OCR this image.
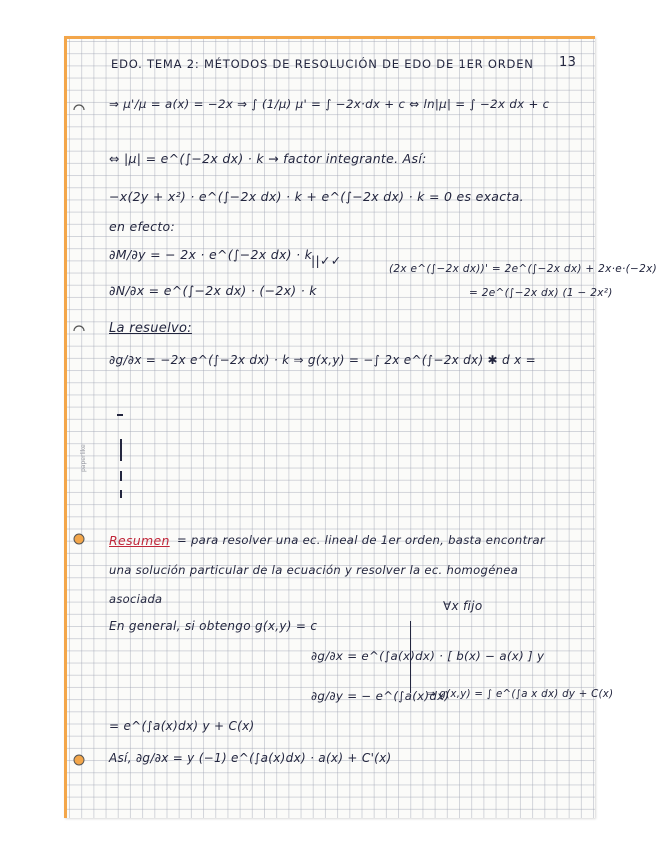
EDO. TEMA 2: MÉTODOS DE RESOLUCIÓN DE EDO DE 1ER ORDEN 13
paperlike
⇒ μ'/μ = a(x) = −2x ⇒ ∫ (1/μ) μ' = ∫ −2x·dx + c ⇔ ln|μ| = ∫ −2x dx + c
⇔ |μ| = e^(∫−2x dx) · k → factor integrante. Así:
−x(2y + x²) · e^(∫−2x dx) · k + e^(∫−2x dx) · k = 0 es exacta.
en efecto:
∂M/∂y = − 2x · e^(∫−2x dx) · k
||✓✓
(2x e^(∫−2x dx))' = 2e^(∫−2x dx) + 2x·e·(−2x)
∂N/∂x = e^(∫−2x dx) · (−2x) · k	= 2e^(∫−2x dx) (1 − 2x²)
La resuelvo:
∂g/∂x = −2x e^(∫−2x dx) · k ⇒ g(x,y) = −∫ 2x e^(∫−2x dx) ✱ d x =
Resumen = para resolver una ec. lineal de 1er orden, basta encontrar
una solución particular de la ecuación y resolver la ec. homogénea
asociada
En general, si obtengo g(x,y) = c
∀x fijo
∂g/∂x = e^(∫a(x)dx) · [ b(x) − a(x) ] y
∂g/∂y = − e^(∫a(x)dx)
⇒ g(x,y) = ∫ e^(∫a x dx) dy + C(x)
= e^(∫a(x)dx) y + C(x)
Así, ∂g/∂x = y (−1) e^(∫a(x)dx) · a(x) + C'(x)
